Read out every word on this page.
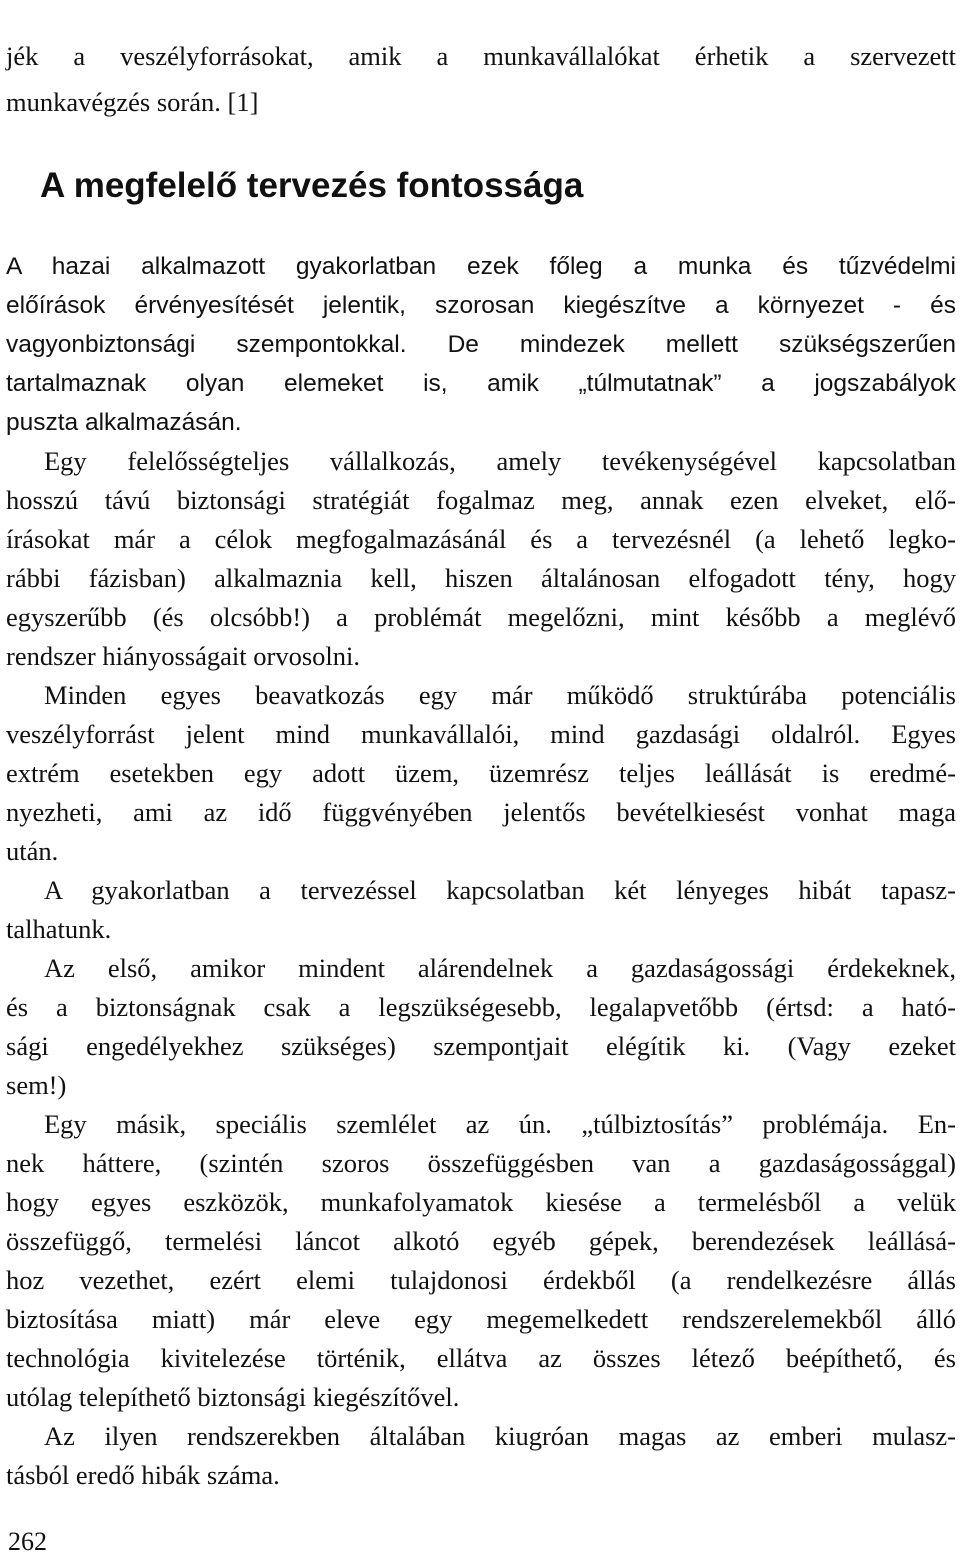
jék a veszélyforrásokat, amik a munkavállalókat érhetik a szervezett
munkavégzés során. [1]
A megfelelő tervezés fontossága
A hazai alkalmazott gyakorlatban ezek főleg a munka és tűzvédelmi
előírások érvényesítését jelentik, szorosan kiegészítve a környezet - és
vagyonbiztonsági szempontokkal. De mindezek mellett szükségszerűen
tartalmaznak olyan elemeket is, amik „túlmutatnak” a jogszabályok
puszta alkalmazásán.
Egy felelősségteljes vállalkozás, amely tevékenységével kapcsolatban
hosszú távú biztonsági stratégiát fogalmaz meg, annak ezen elveket, elő-
írásokat már a célok megfogalmazásánál és a tervezésnél (a lehető legko-
rábbi fázisban) alkalmaznia kell, hiszen általánosan elfogadott tény, hogy
egyszerűbb (és olcsóbb!) a problémát megelőzni, mint később a meglévő
rendszer hiányosságait orvosolni.
Minden egyes beavatkozás egy már működő struktúrába potenciális
veszélyforrást jelent mind munkavállalói, mind gazdasági oldalról. Egyes
extrém esetekben egy adott üzem, üzemrész teljes leállását is eredmé-
nyezheti, ami az idő függvényében jelentős bevételkiesést vonhat maga
után.
A gyakorlatban a tervezéssel kapcsolatban két lényeges hibát tapasz-
talhatunk.
Az első, amikor mindent alárendelnek a gazdaságossági érdekeknek,
és a biztonságnak csak a legszükségesebb, legalapvetőbb (értsd: a ható-
sági engedélyekhez szükséges) szempontjait elégítik ki. (Vagy ezeket
sem!)
Egy másik, speciális szemlélet az ún. „túlbiztosítás” problémája. En-
nek háttere, (szintén szoros összefüggésben van a gazdaságossággal)
hogy egyes eszközök, munkafolyamatok kiesése a termelésből a velük
összefüggő, termelési láncot alkotó egyéb gépek, berendezések leállásá-
hoz vezethet, ezért elemi tulajdonosi érdekből (a rendelkezésre állás
biztosítása miatt) már eleve egy megemelkedett rendszerelemekből álló
technológia kivitelezése történik, ellátva az összes létező beépíthető, és
utólag telepíthető biztonsági kiegészítővel.
Az ilyen rendszerekben általában kiugróan magas az emberi mulasz-
tásból eredő hibák száma.
262
